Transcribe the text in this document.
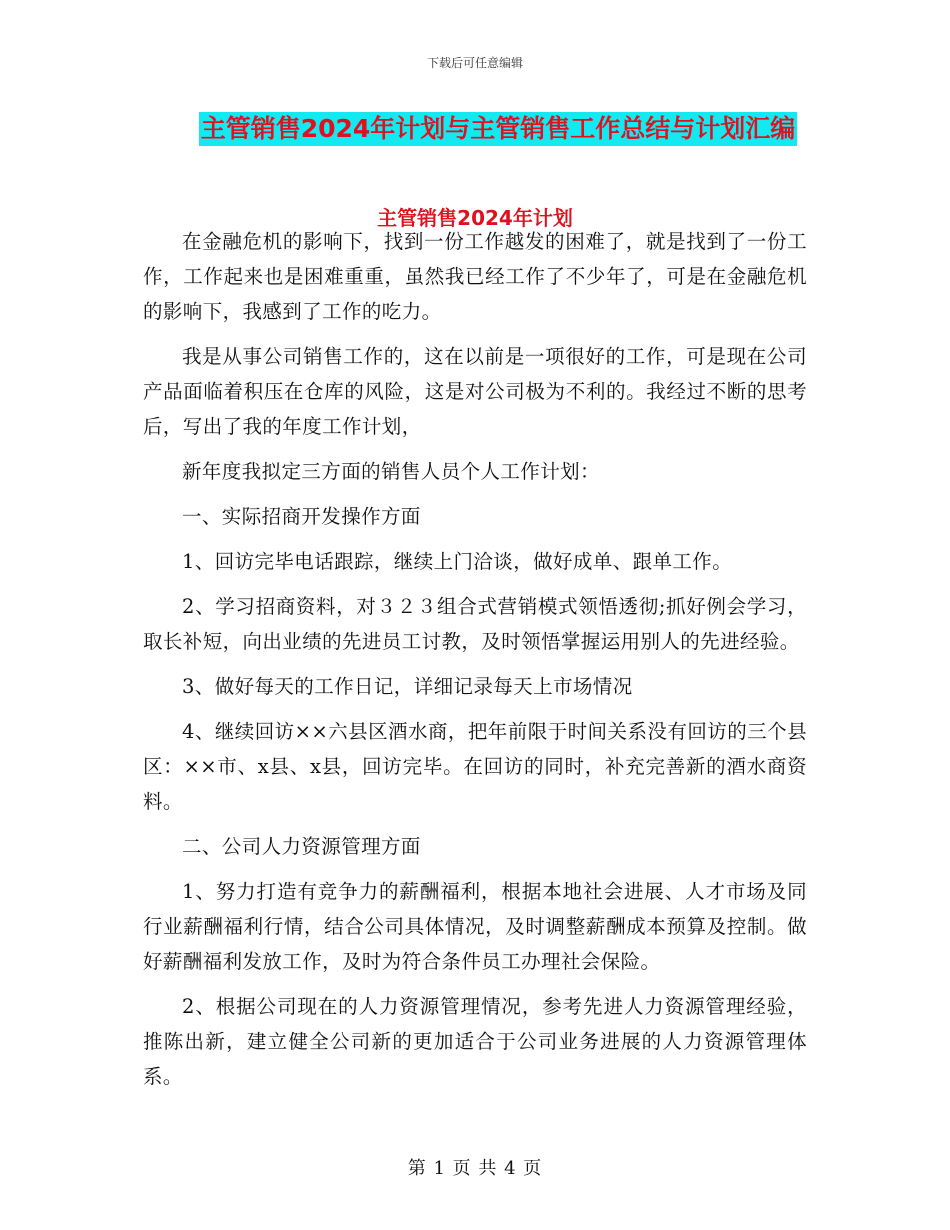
下载后可任意编辑
主管销售2024年计划与主管销售工作总结与计划汇编
主管销售2024年计划

在金融危机的影响下，找到一份工作越发的困难了，就是找到了一份工作，工作起来也是困难重重，虽然我已经工作了不少年了，可是在金融危机的影响下，我感到了工作的吃力。

我是从事公司销售工作的，这在以前是一项很好的工作，可是现在公司产品面临着积压在仓库的风险，这是对公司极为不利的。我经过不断的思考后，写出了我的年度工作计划，

新年度我拟定三方面的销售人员个人工作计划：

一、实际招商开发操作方面

1、回访完毕电话跟踪，继续上门洽谈，做好成单、跟单工作。

2、学习招商资料，对３２３组合式营销模式领悟透彻;抓好例会学习，取长补短，向出业绩的先进员工讨教，及时领悟掌握运用别人的先进经验。

3、做好每天的工作日记，详细记录每天上市场情况

4、继续回访××六县区酒水商，把年前限于时间关系没有回访的三个县区：××市、x县、x县，回访完毕。在回访的同时，补充完善新的酒水商资料。

二、公司人力资源管理方面

1、努力打造有竞争力的薪酬福利，根据本地社会进展、人才市场及同行业薪酬福利行情，结合公司具体情况，及时调整薪酬成本预算及控制。做好薪酬福利发放工作，及时为符合条件员工办理社会保险。

2、根据公司现在的人力资源管理情况，参考先进人力资源管理经验，推陈出新，建立健全公司新的更加适合于公司业务进展的人力资源管理体系。

第 1 页 共 4 页
